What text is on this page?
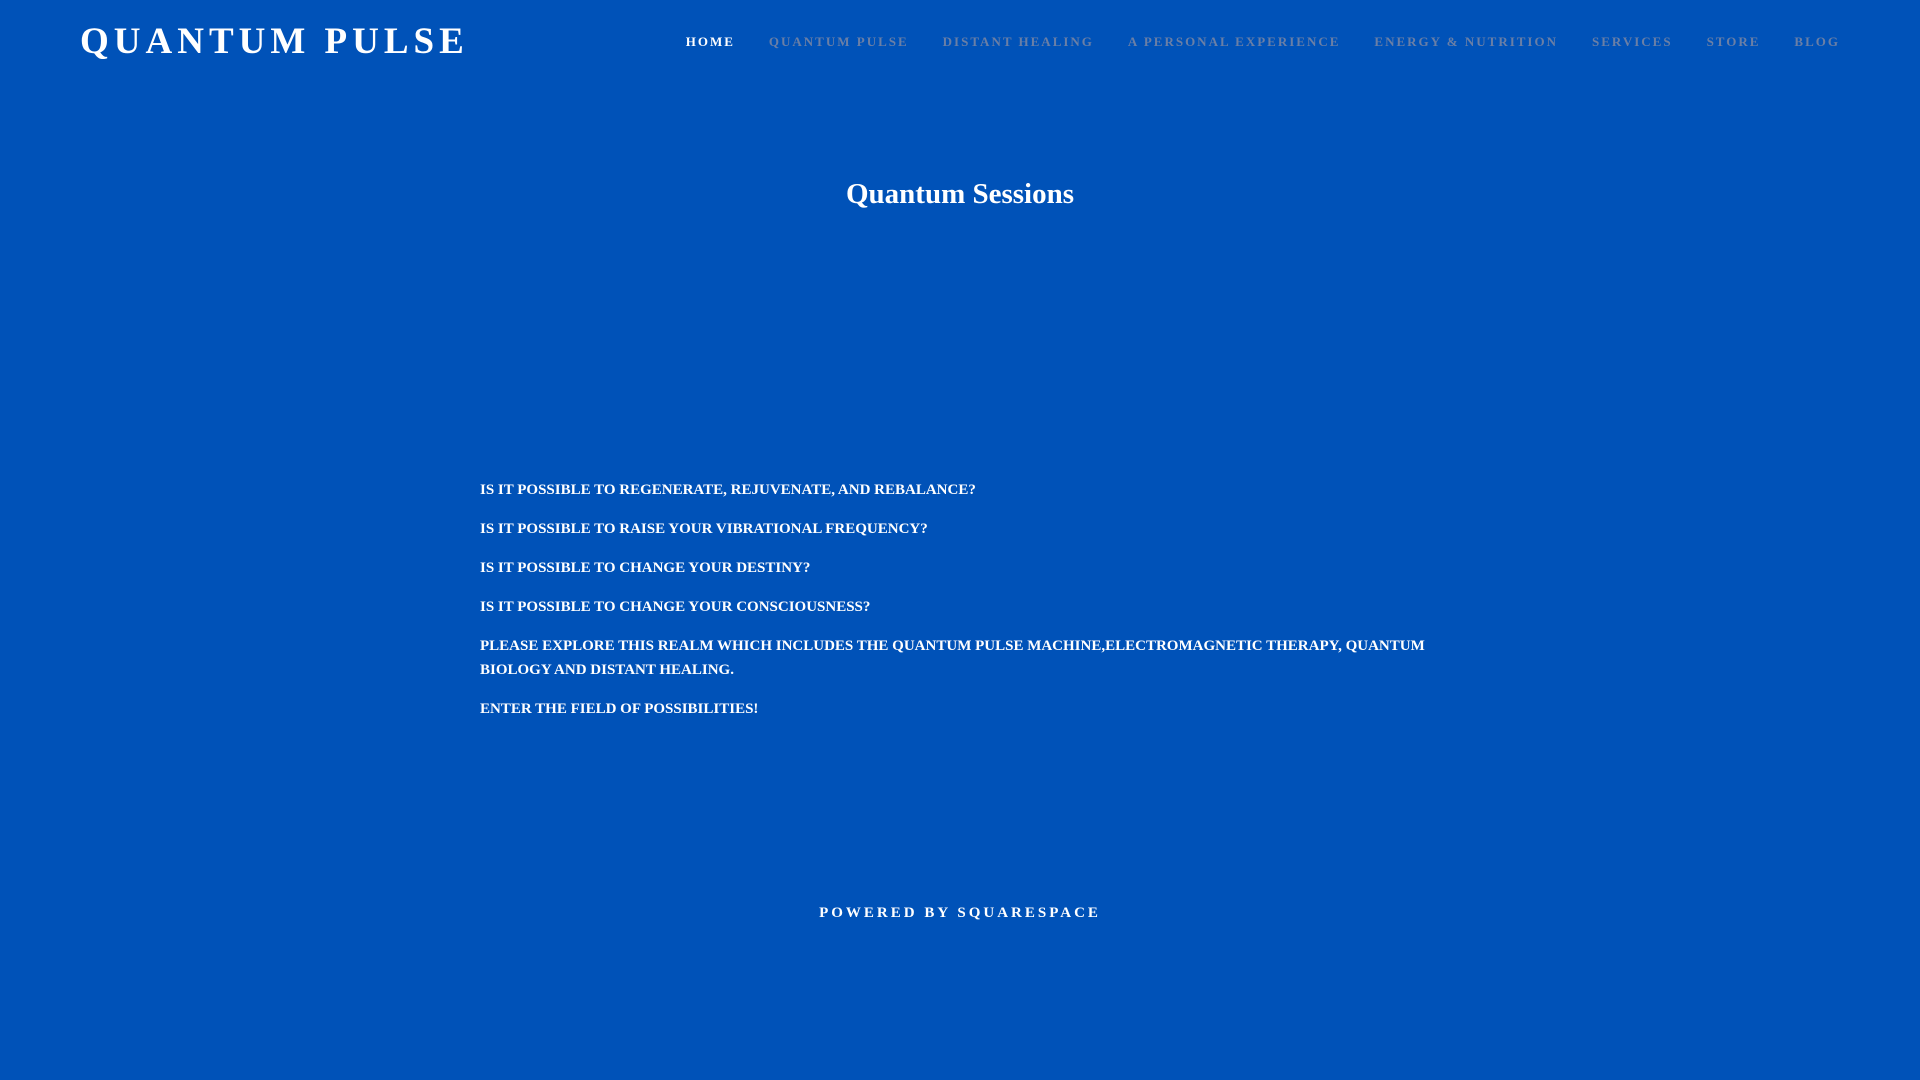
QUANTUM PULSE	HOME	QUANTUM PULSE	DISTANT HEALING	A PERSONAL EXPERIENCE	ENERGY & NUTRITION	SERVICES	STORE	BLOG
Quantum Sessions

IS IT POSSIBLE TO REGENERATE, REJUVENATE, AND REBALANCE?

IS IT POSSIBLE TO RAISE YOUR VIBRATIONAL FREQUENCY?

IS IT POSSIBLE TO CHANGE YOUR DESTINY?

IS IT POSSIBLE TO CHANGE YOUR CONSCIOUSNESS?

PLEASE EXPLORE THIS REALM WHICH INCLUDES THE QUANTUM PULSE MACHINE,ELECTROMAGNETIC THERAPY, QUANTUM BIOLOGY AND DISTANT HEALING.

ENTER THE FIELD OF POSSIBILITIES!

POWERED BY SQUARESPACE
